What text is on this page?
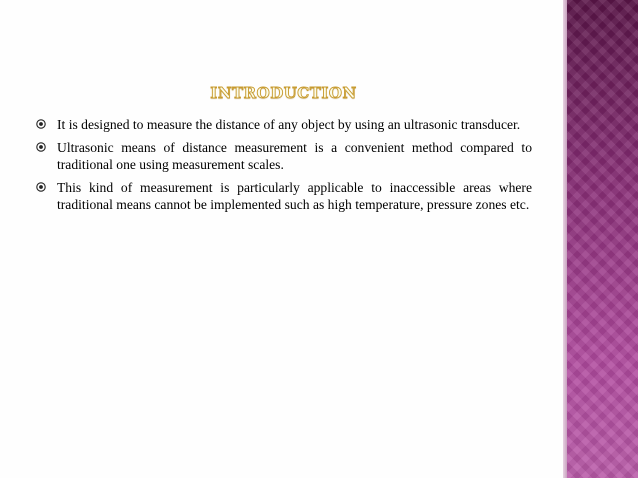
INTRODUCTION
It is designed to measure the distance of any object by using an ultrasonic transducer.
Ultrasonic means of distance measurement is a convenient method compared to traditional one using measurement scales.
This kind of measurement is particularly applicable to inaccessible areas where traditional means cannot be implemented such as high temperature, pressure zones etc.
